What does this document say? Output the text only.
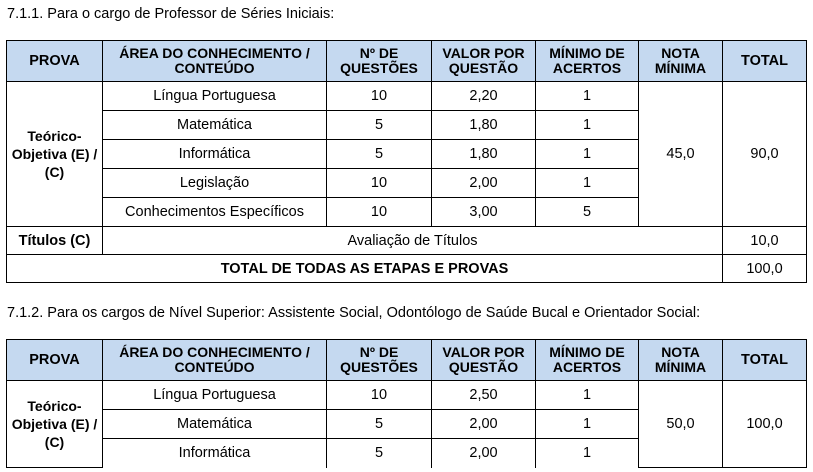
7.1.1. Para o cargo de Professor de Séries Iniciais:
PROVA	ÁREA DO CONHECIMENTO / CONTEÚDO	Nº DE QUESTÕES	VALOR POR QUESTÃO	MÍNIMO DE ACERTOS	NOTA MÍNIMA	TOTAL
Teórico-Objetiva (E) / (C)	Língua Portuguesa	10	2,20	1	45,0	90,0
	Matemática	5	1,80	1		
	Informática	5	1,80	1		
	Legislação	10	2,00	1		
	Conhecimentos Específicos	10	3,00	5		
Títulos (C)	Avaliação de Títulos					10,0
TOTAL DE TODAS AS ETAPAS E PROVAS						100,0
7.1.2. Para os cargos de Nível Superior: Assistente Social, Odontólogo de Saúde Bucal e Orientador Social:
PROVA	ÁREA DO CONHECIMENTO / CONTEÚDO	Nº DE QUESTÕES	VALOR POR QUESTÃO	MÍNIMO DE ACERTOS	NOTA MÍNIMA	TOTAL
Teórico-Objetiva (E) / (C)	Língua Portuguesa	10	2,50	1	50,0	100,0
	Matemática	5	2,00	1		
	Informática	5	2,00	1		
